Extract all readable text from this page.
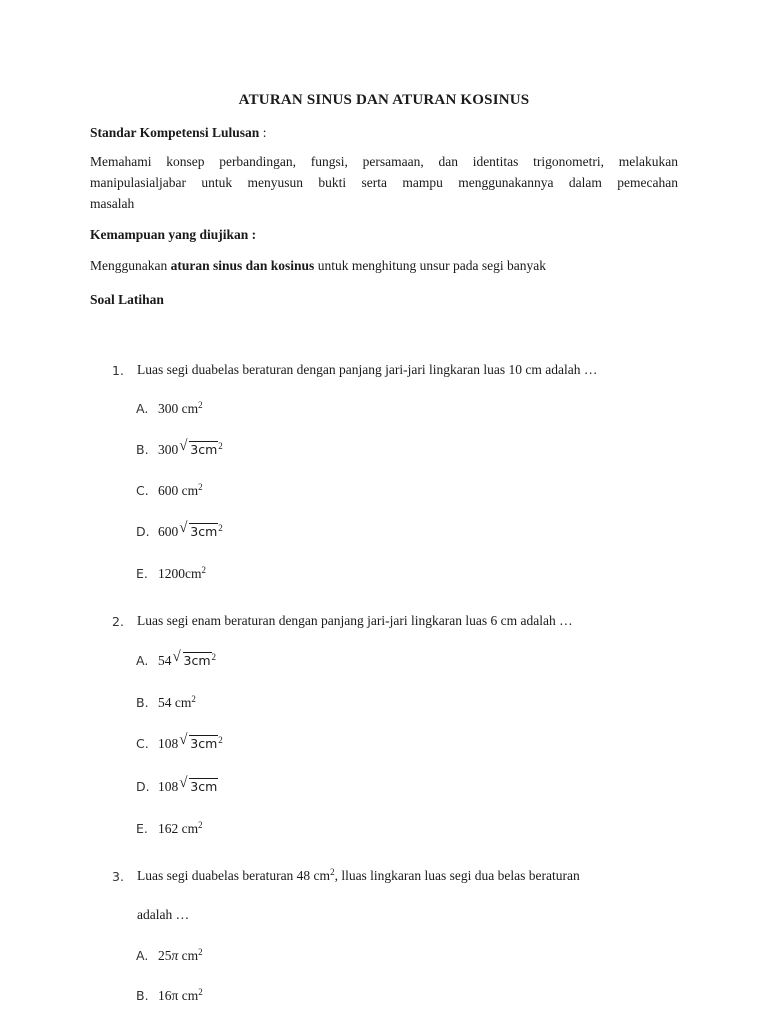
ATURAN SINUS DAN ATURAN KOSINUS
Standar Kompetensi Lulusan :
Memahami konsep perbandingan, fungsi, persamaan, dan identitas trigonometri, melakukan
manipulasialjabar untuk menyusun bukti serta mampu menggunakannya dalam pemecahan
masalah
Kemampuan yang diujikan :
Menggunakan aturan sinus dan kosinus untuk menghitung unsur pada segi banyak
Soal Latihan
1. Luas segi duabelas beraturan dengan panjang jari-jari lingkaran luas 10 cm adalah …
A. 300 $cm^2$
B. 300 √ $3cm^2$
C. 600 $cm^2$
D. 600 √ $3cm^2$
E. $1200cm^2$
2. Luas segi enam beraturan dengan panjang jari-jari lingkaran luas 6 cm adalah …
A. 54 √ $3cm^2$
B. 54 $cm^2$
C. 108 √ $3cm^2$
D. 108 √ 3cm
E. 162 $cm^2$
3. Luas segi duabelas beraturan 48 $cm^2$, lluas lingkaran luas segi dua belas beraturan
adalah …
A. 25π $cm^2$
B. 16π $cm^2$
